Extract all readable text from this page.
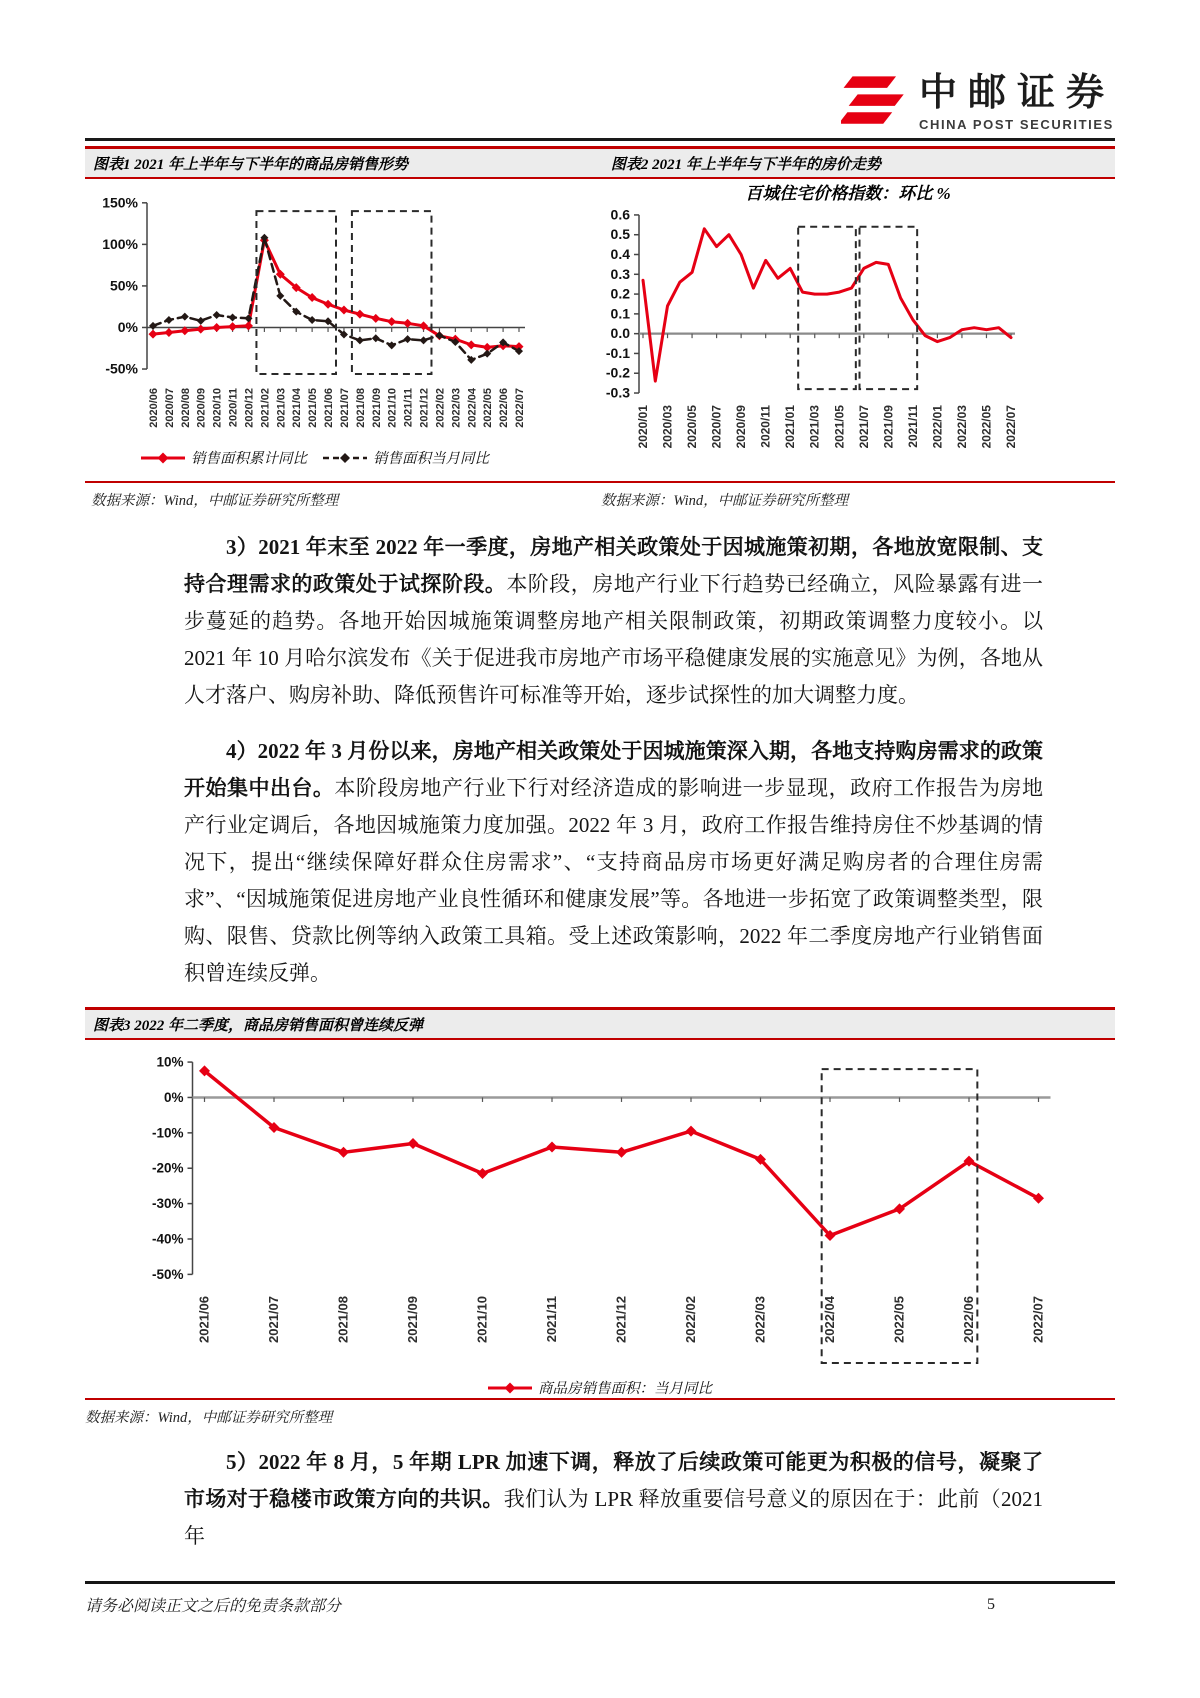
中邮证券
CHINA POST SECURITIES
图表1 2021 年上半年与下半年的商品房销售形势	图表2 2021 年上半年与下半年的房价走势
150%
100%
50%
0%
-50%
2020/06 2020/07 2020/08 2020/09 2020/10 2020/11 2020/12 2021/02 2021/03 2021/04 2021/05 2021/06 2021/07 2021/08 2021/09 2021/10 2021/11 2021/12 2022/02 2022/03 2022/04 2022/05 2022/06 2022/07
销售面积累计同比	销售面积当月同比
0.6
0.5
0.4
0.3
0.2
0.1
0.0
-0.1
-0.2
-0.3
2020/01 2020/03 2020/05 2020/07 2020/09 2020/11 2021/01 2021/03 2021/05 2021/07 2021/09 2021/11 2022/01 2022/03 2022/05 2022/07
百城住宅价格指数：环比 %
数据来源：Wind，中邮证券研究所整理	数据来源：Wind，中邮证券研究所整理

3）2021 年末至 2022 年一季度，房地产相关政策处于因城施策初期，各地放宽限制、支持合理需求的政策处于试探阶段。本阶段，房地产行业下行趋势已经确立，风险暴露有进一步蔓延的趋势。各地开始因城施策调整房地产相关限制政策，初期政策调整力度较小。以 2021 年 10 月哈尔滨发布《关于促进我市房地产市场平稳健康发展的实施意见》为例，各地从人才落户、购房补助、降低预售许可标准等开始，逐步试探性的加大调整力度。

4）2022 年 3 月份以来，房地产相关政策处于因城施策深入期，各地支持购房需求的政策开始集中出台。本阶段房地产行业下行对经济造成的影响进一步显现，政府工作报告为房地产行业定调后，各地因城施策力度加强。2022 年 3 月，政府工作报告维持房住不炒基调的情况下，提出“继续保障好群众住房需求”、“支持商品房市场更好满足购房者的合理住房需求”、“因城施策促进房地产业良性循环和健康发展”等。各地进一步拓宽了政策调整类型，限购、限售、贷款比例等纳入政策工具箱。受上述政策影响，2022 年二季度房地产行业销售面积曾连续反弹。

图表3 2022 年二季度，商品房销售面积曾连续反弹
10%
0%
-10%
-20%
-30%
-40%
-50%
2021/06	2021/07	2021/08	2021/09	2021/10	2021/11	2021/12	2022/02	2022/03	2022/04	2022/05	2022/06	2022/07
商品房销售面积：当月同比
数据来源：Wind，中邮证券研究所整理

5）2022 年 8 月，5 年期 LPR 加速下调，释放了后续政策可能更为积极的信号，凝聚了市场对于稳楼市政策方向的共识。我们认为 LPR 释放重要信号意义的原因在于：此前（2021 年

请务必阅读正文之后的免责条款部分	5
